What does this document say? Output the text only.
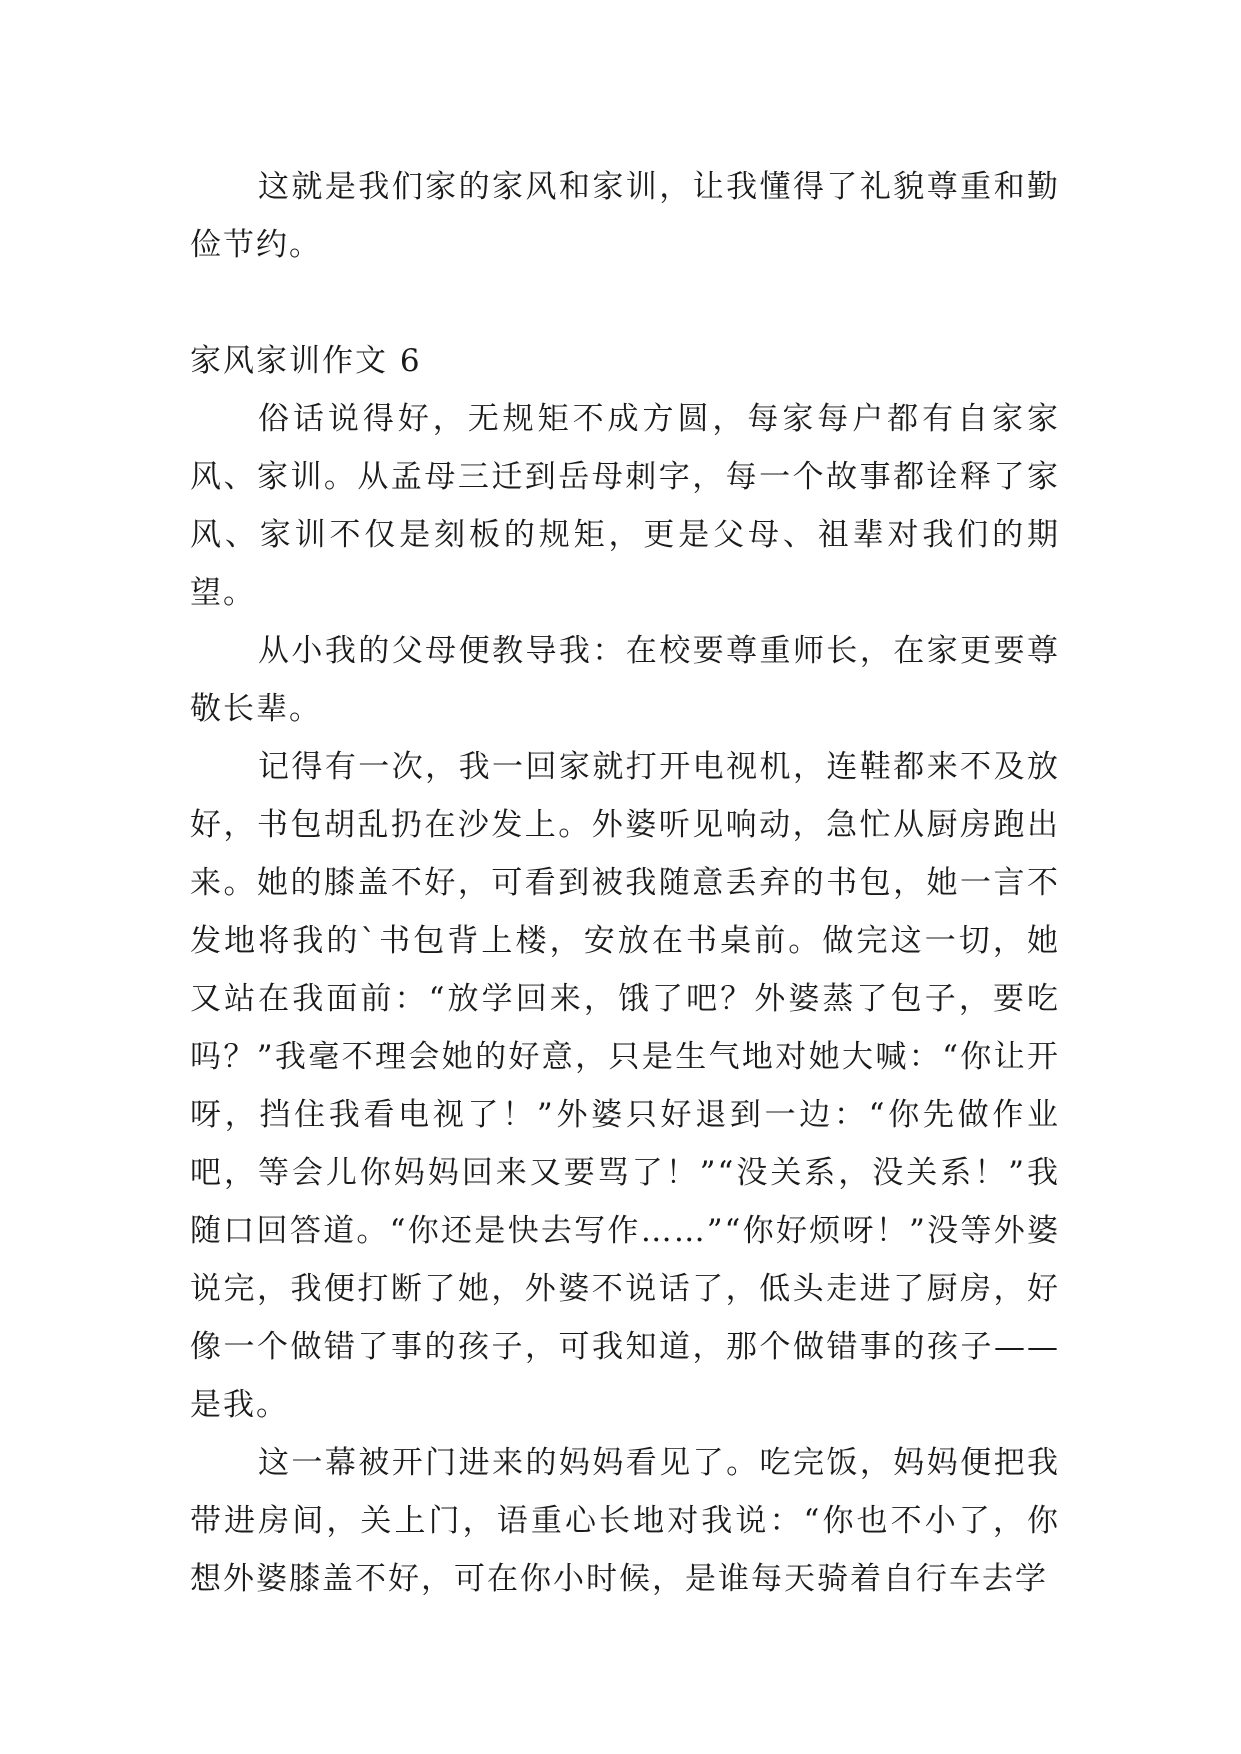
这就是我们家的家风和家训，让我懂得了礼貌尊重和勤俭节约。

家风家训作文 6

俗话说得好，无规矩不成方圆，每家每户都有自家家风、家训。从孟母三迁到岳母刺字，每一个故事都诠释了家风、家训不仅是刻板的规矩，更是父母、祖辈对我们的期望。

从小我的父母便教导我：在校要尊重师长，在家更要尊敬长辈。

记得有一次，我一回家就打开电视机，连鞋都来不及放好，书包胡乱扔在沙发上。外婆听见响动，急忙从厨房跑出来。她的膝盖不好，可看到被我随意丢弃的书包，她一言不发地将我的`书包背上楼，安放在书桌前。做完这一切，她又站在我面前：“放学回来，饿了吧？外婆蒸了包子，要吃吗？”我毫不理会她的好意，只是生气地对她大喊：“你让开呀，挡住我看电视了！”外婆只好退到一边：“你先做作业吧，等会儿你妈妈回来又要骂了！”“没关系，没关系！”我随口回答道。“你还是快去写作……”“你好烦呀！”没等外婆说完，我便打断了她，外婆不说话了，低头走进了厨房，好像一个做错了事的孩子，可我知道，那个做错事的孩子——是我。

这一幕被开门进来的妈妈看见了。吃完饭，妈妈便把我带进房间，关上门，语重心长地对我说：“你也不小了，你想外婆膝盖不好，可在你小时候，是谁每天骑着自行车去学
